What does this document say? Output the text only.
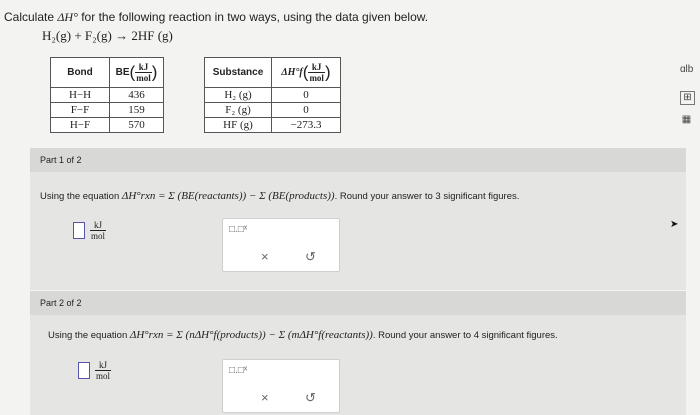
Calculate ΔH° for the following reaction in two ways, using the data given below.
H₂(g) + F₂(g) → 2HF (g)
Bond	$BE( \frac{kJ}{\text{mol}}$ )
H−H	436
F−F	159
H−F	570
Substance	$\Delta H^\circ f( \frac{kJ}{\text{mol}}$ )
H₂ (g)	0
F₂ (g)	0
HF (g)	−273.3
ɑlb
⊞
▦
Part 1 of 2
Using the equation ΔH°rxn = Σ (BE(reactants)) − Σ (BE(products)). Round your answer to 3 significant figures.
$\frac{kJ}{\text{mol}}$	□.□ˣ
×	↺
Part 2 of 2
Using the equation ΔH°rxn = Σ (nΔH°f(products)) − Σ (mΔH°f(reactants)). Round your answer to 4 significant figures.
$\frac{kJ}{\text{mol}}$	□.□ˣ
×	↺
➤
